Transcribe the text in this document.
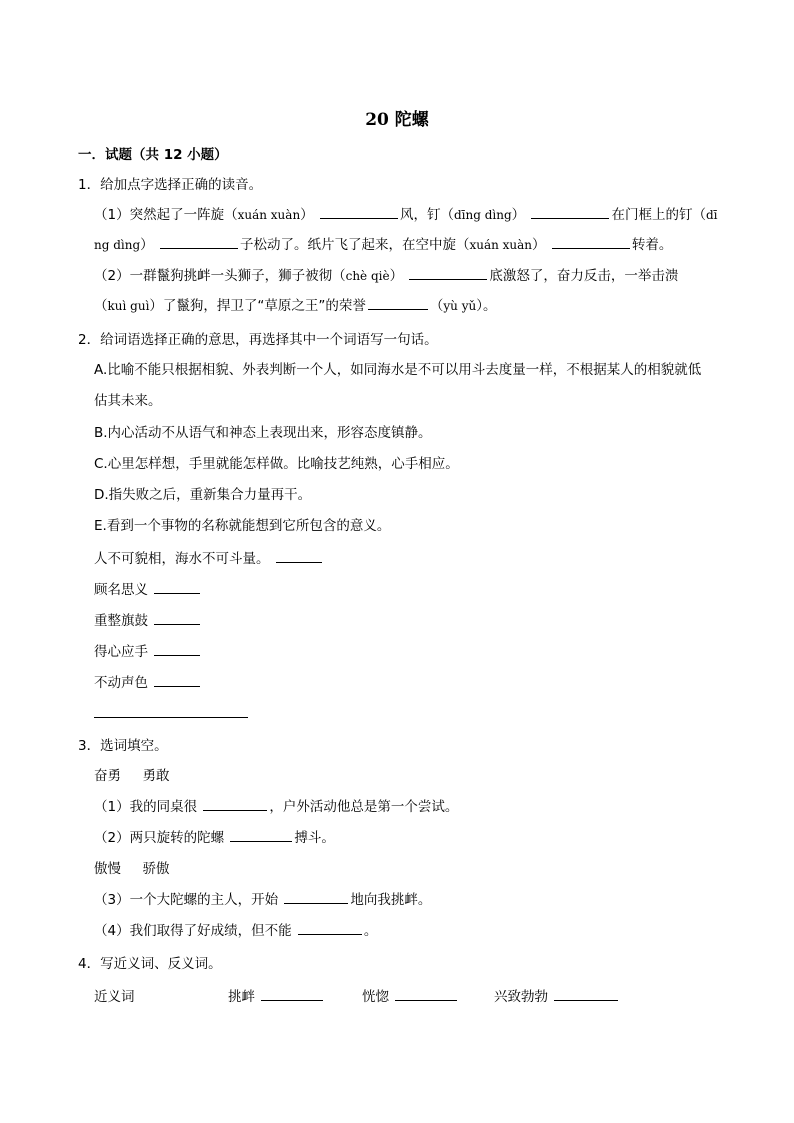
20 陀螺
一．试题（共 12 小题）
1．给加点字选择正确的读音。
（1）突然起了一阵旋（xuán xuàn）	风，钉（dīng dìng）	在门框上的钉（dī
ng dìng）	子松动了。纸片飞了起来，在空中旋（xuán xuàn）	转着。
（2）一群鬣狗挑衅一头狮子，狮子被彻（chè qiè）	底激怒了，奋力反击，一举击溃
（kuì guì）了鬣狗，捍卫了“草原之王”的荣誉	（yù yǔ）。
2．给词语选择正确的意思，再选择其中一个词语写一句话。
A.比喻不能只根据相貌、外表判断一个人，如同海水是不可以用斗去度量一样，不根据某人的相貌就低
估其未来。
B.内心活动不从语气和神态上表现出来，形容态度镇静。
C.心里怎样想，手里就能怎样做。比喻技艺纯熟，心手相应。
D.指失败之后，重新集合力量再干。
E.看到一个事物的名称就能想到它所包含的意义。
人不可貌相，海水不可斗量。
顾名思义
重整旗鼓
得心应手
不动声色
3．选词填空。
奋勇 勇敢
（1）我的同桌很	，户外活动他总是第一个尝试。
（2）两只旋转的陀螺	搏斗。
傲慢 骄傲
（3）一个大陀螺的主人，开始	地向我挑衅。
（4）我们取得了好成绩，但不能	。
4．写近义词、反义词。
近义词	挑衅	恍惚	兴致勃勃
